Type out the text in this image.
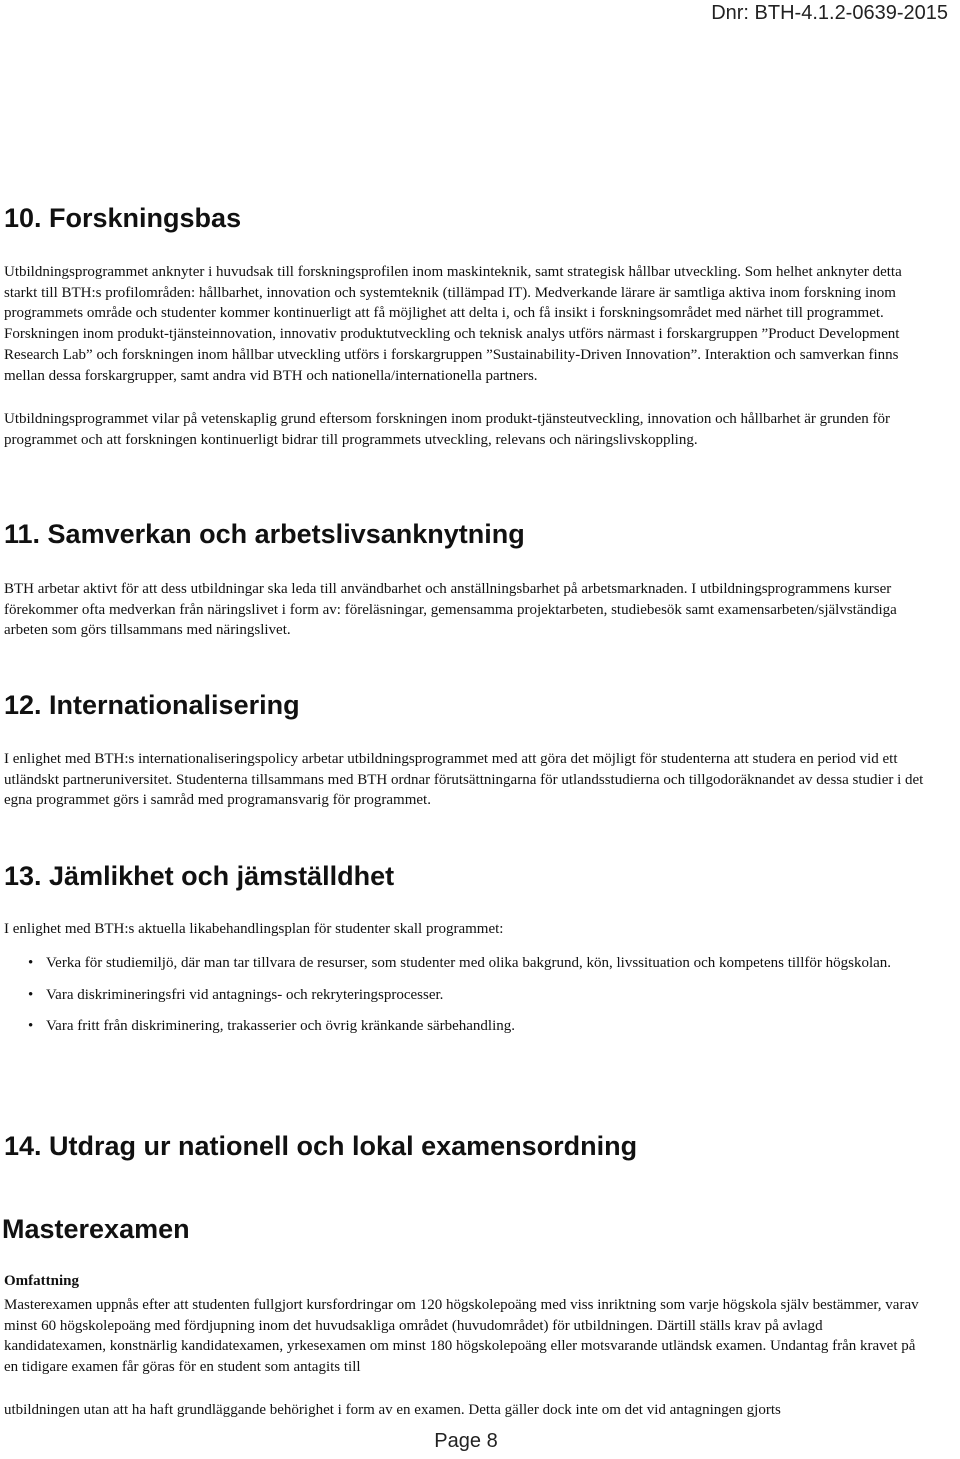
Dnr: BTH-4.1.2-0639-2015
10. Forskningsbas

Utbildningsprogrammet anknyter i huvudsak till forskningsprofilen inom maskinteknik, samt strategisk hållbar utveckling. Som helhet anknyter detta starkt till BTH:s profilområden: hållbarhet, innovation och systemteknik (tillämpad IT). Medverkande lärare är samtliga aktiva inom forskning inom programmets område och studenter kommer kontinuerligt att få möjlighet att delta i, och få insikt i forskningsområdet med närhet till programmet. Forskningen inom produkt-tjänsteinnovation, innovativ produktutveckling och teknisk analys utförs närmast i forskargruppen ”Product Development Research Lab” och forskningen inom hållbar utveckling utförs i forskargruppen ”Sustainability-Driven Innovation”. Interaktion och samverkan finns mellan dessa forskargrupper, samt andra vid BTH och nationella/internationella partners.

Utbildningsprogrammet vilar på vetenskaplig grund eftersom forskningen inom produkt-tjänsteutveckling, innovation och hållbarhet är grunden för programmet och att forskningen kontinuerligt bidrar till programmets utveckling, relevans och näringslivskoppling.

11. Samverkan och arbetslivsanknytning

BTH arbetar aktivt för att dess utbildningar ska leda till användbarhet och anställningsbarhet på arbetsmarknaden. I utbildningsprogrammens kurser förekommer ofta medverkan från näringslivet i form av: föreläsningar, gemensamma projektarbeten, studiebesök samt examensarbeten/självständiga arbeten som görs tillsammans med näringslivet.

12. Internationalisering

I enlighet med BTH:s internationaliseringspolicy arbetar utbildningsprogrammet med att göra det möjligt för studenterna att studera en period vid ett utländskt partneruniversitet. Studenterna tillsammans med BTH ordnar förutsättningarna för utlandsstudierna och tillgodoräknandet av dessa studier i det egna programmet görs i samråd med programansvarig för programmet.

13. Jämlikhet och jämställdhet

I enlighet med BTH:s aktuella likabehandlingsplan för studenter skall programmet:

• Verka för studiemiljö, där man tar tillvara de resurser, som studenter med olika bakgrund, kön, livssituation och kompetens tillför högskolan.
• Vara diskrimineringsfri vid antagnings- och rekryteringsprocesser.
• Vara fritt från diskriminering, trakasserier och övrig kränkande särbehandling.
14. Utdrag ur nationell och lokal examensordning
Masterexamen

Omfattning

Masterexamen uppnås efter att studenten fullgjort kursfordringar om 120 högskolepoäng med viss inriktning som varje högskola själv bestämmer, varav minst 60 högskolepoäng med fördjupning inom det huvudsakliga området (huvudområdet) för utbildningen. Därtill ställs krav på avlagd kandidatexamen, konstnärlig kandidatexamen, yrkesexamen om minst 180 högskolepoäng eller motsvarande utländsk examen. Undantag från kravet på en tidigare examen får göras för en student som antagits till

utbildningen utan att ha haft grundläggande behörighet i form av en examen. Detta gäller dock inte om det vid antagningen gjorts

Page 8
